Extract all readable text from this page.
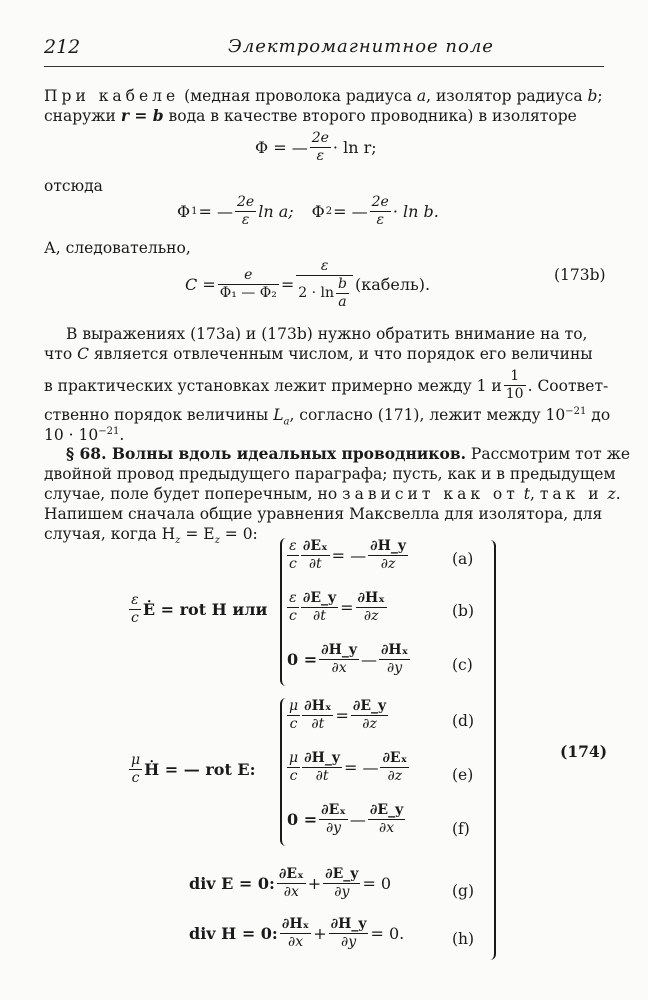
212	Электромагнитное поле
При кабеле (медная проволока радиуса a, изолятор радиуса b;
снаружи r = b вода в качестве второго проводника) в изоляторе
Φ = — $\frac{2e}{\varepsilon} \cdot \ln r$;
отсюда
Φ 1 = — $\frac{2e}{\varepsilon}$ ln a; Φ 2 = — $\frac{2e}{\varepsilon} \cdot \ln b$.
А, следовательно,
$C = \frac{e}{\text{Φ₁ — Φ₂}} = \frac{\varepsilon}{2 \cdot \ln \frac{b}{a}}$ (кабель).	(173b)
В выражениях (173a) и (173b) нужно обратить внимание на то,
что C является отвлеченным числом, и что порядок его величины
в практических установках лежит примерно между 1 и $\frac{1}{10}$ . Соответ-
ственно порядок величины $L_a$, согласно (171), лежит между $10^{-21}$ до
$10 \cdot 10^{-21}$.
§ 68. Волны вдоль идеальных проводников. Рассмотрим тот же
двойной провод предыдущего параграфа; пусть, как и в предыдущем
случае, поле будет поперечным, но зависит как от t, так и z.
Напишем сначала общие уравнения Максвелла для изолятора, для
случая, когда $H_z = E_z = 0$:
(174)
$\frac{\varepsilon}{c}$ Ė = rot H или
$\frac{\mu}{c}$ Ḣ = — rot E:
$\frac{\varepsilon}{c} \frac{\text{∂Eₓ}}{\partial t}$ = — $\frac{\partial H\_y}{\partial z}$	(a)
$\frac{\varepsilon}{c} \frac{\partial E\_y}{\partial t} = \frac{\text{∂Hₓ}}{\partial z}$	(b)
$0 = \frac{\partial H\_y}{\partial x}$ — $\frac{\text{∂Hₓ}}{\partial y}$	(c)
$\frac{\mu}{c} \frac{\text{∂Hₓ}}{\partial t} = \frac{\partial E\_y}{\partial z}$	(d)
$\frac{\mu}{c} \frac{\partial H\_y}{\partial t}$ = — $\frac{\text{∂Eₓ}}{\partial z}$	(e)
$0 = \frac{\text{∂Eₓ}}{\partial y}$ — $\frac{\partial E\_y}{\partial x}$	(f)
div E = 0: $\frac{\text{∂Eₓ}}{\partial x} + \frac{\partial E\_y}{\partial y} = 0$	(g)
div H = 0: $\frac{\text{∂Hₓ}}{\partial x} + \frac{\partial H\_y}{\partial y} = 0$.	(h)
